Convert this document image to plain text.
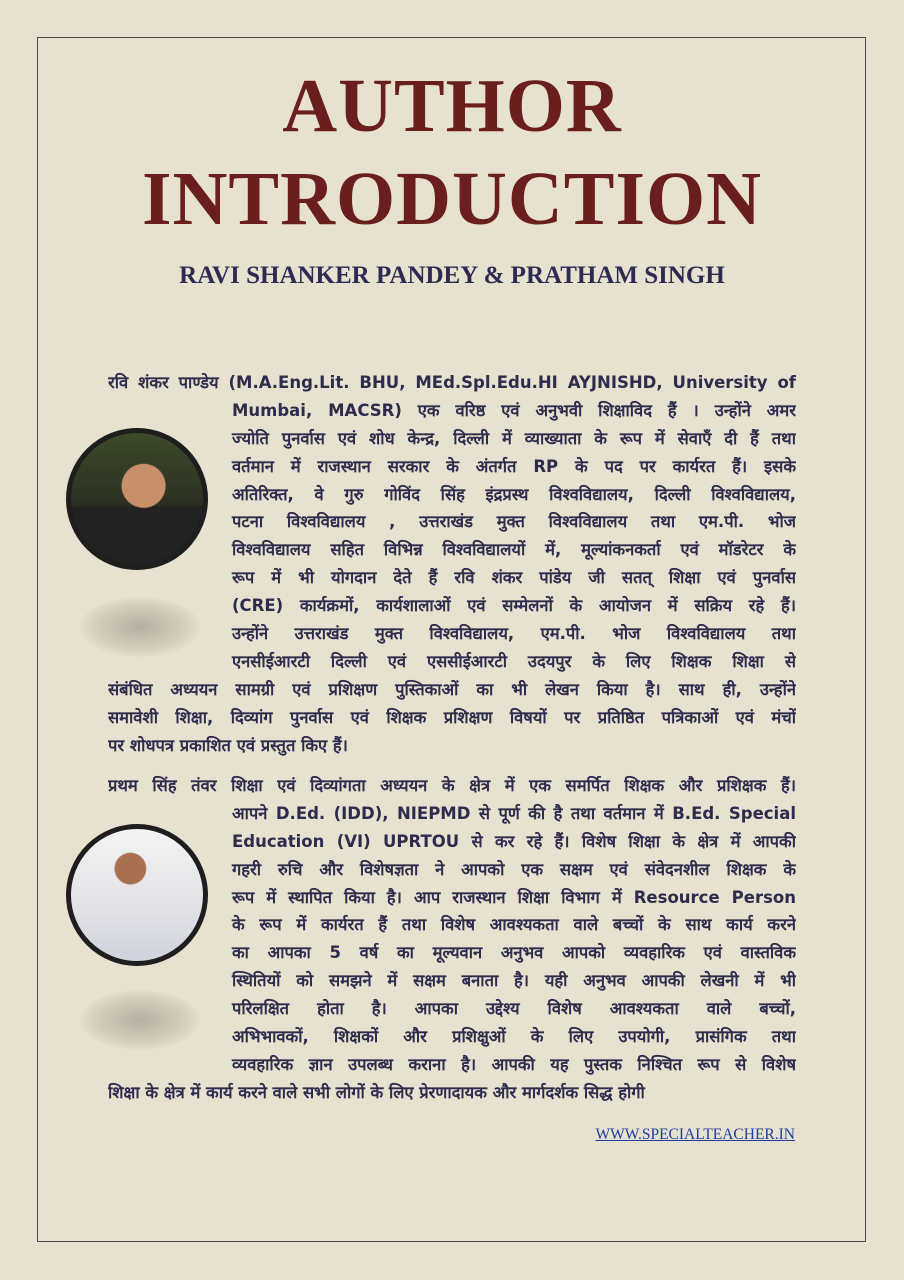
AUTHOR
INTRODUCTION
RAVI SHANKER PANDEY & PRATHAM SINGH
रवि शंकर पाण्डेय (M.A.Eng.Lit. BHU, MEd.Spl.Edu.HI AYJNISHD, University of
Mumbai, MACSR) एक वरिष्ठ एवं अनुभवी शिक्षाविद हैं । उन्होंने अमर
ज्योति पुनर्वास एवं शोध केन्द्र, दिल्ली में व्याख्याता के रूप में सेवाएँ दी हैं तथा
वर्तमान में राजस्थान सरकार के अंतर्गत RP के पद पर कार्यरत हैं। इसके
अतिरिक्त, वे गुरु गोविंद सिंह इंद्रप्रस्थ विश्वविद्यालय, दिल्ली विश्वविद्यालय,
पटना विश्वविद्यालय , उत्तराखंड मुक्त विश्वविद्यालय तथा एम.पी. भोज
विश्वविद्यालय सहित विभिन्न विश्वविद्यालयों में, मूल्यांकनकर्ता एवं मॉडरेटर के
रूप में भी योगदान देते हैं रवि शंकर पांडेय जी सतत् शिक्षा एवं पुनर्वास
(CRE) कार्यक्रमों, कार्यशालाओं एवं सम्मेलनों के आयोजन में सक्रिय रहे हैं।
उन्होंने उत्तराखंड मुक्त विश्वविद्यालय, एम.पी. भोज विश्वविद्यालय तथा
एनसीईआरटी दिल्ली एवं एससीईआरटी उदयपुर के लिए शिक्षक शिक्षा से
संबंधित अध्ययन सामग्री एवं प्रशिक्षण पुस्तिकाओं का भी लेखन किया है। साथ ही, उन्होंने
समावेशी शिक्षा, दिव्यांग पुनर्वास एवं शिक्षक प्रशिक्षण विषयों पर प्रतिष्ठित पत्रिकाओं एवं मंचों
पर शोधपत्र प्रकाशित एवं प्रस्तुत किए हैं।
प्रथम सिंह तंवर शिक्षा एवं दिव्यांगता अध्ययन के क्षेत्र में एक समर्पित शिक्षक और प्रशिक्षक हैं।
आपने D.Ed. (IDD), NIEPMD से पूर्ण की है तथा वर्तमान में B.Ed. Special
Education (VI) UPRTOU से कर रहे हैं। विशेष शिक्षा के क्षेत्र में आपकी
गहरी रुचि और विशेषज्ञता ने आपको एक सक्षम एवं संवेदनशील शिक्षक के
रूप में स्थापित किया है। आप राजस्थान शिक्षा विभाग में Resource Person
के रूप में कार्यरत हैं तथा विशेष आवश्यकता वाले बच्चों के साथ कार्य करने
का आपका 5 वर्ष का मूल्यवान अनुभव आपको व्यवहारिक एवं वास्तविक
स्थितियों को समझने में सक्षम बनाता है। यही अनुभव आपकी लेखनी में भी
परिलक्षित होता है। आपका उद्देश्य विशेष आवश्यकता वाले बच्चों,
अभिभावकों, शिक्षकों और प्रशिक्षुओं के लिए उपयोगी, प्रासंगिक तथा
व्यवहारिक ज्ञान उपलब्ध कराना है। आपकी यह पुस्तक निश्चित रूप से विशेष
शिक्षा के क्षेत्र में कार्य करने वाले सभी लोगों के लिए प्रेरणादायक और मार्गदर्शक सिद्ध होगी
WWW.SPECIALTEACHER.IN
